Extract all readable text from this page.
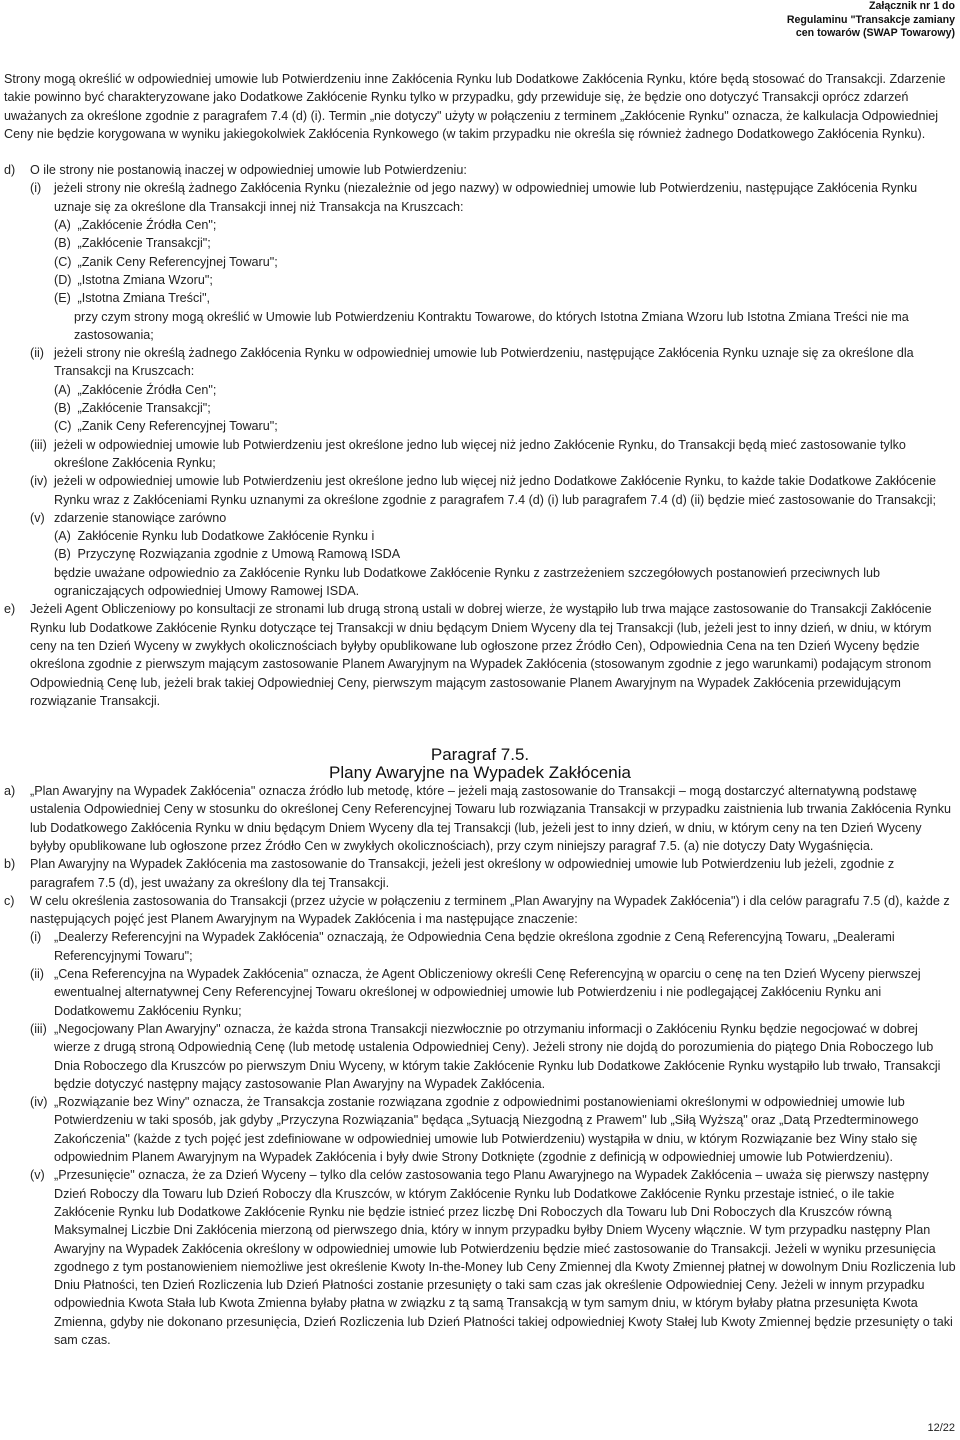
Załącznik nr 1 do
Regulaminu "Transakcje zamiany
cen towarów (SWAP Towarowy)

Strony mogą określić w odpowiedniej umowie lub Potwierdzeniu inne Zakłócenia Rynku lub Dodatkowe Zakłócenia Rynku, które będą stosować do Transakcji. Zdarzenie takie powinno być charakteryzowane jako Dodatkowe Zakłócenie Rynku tylko w przypadku, gdy przewiduje się, że będzie ono dotyczyć Transakcji oprócz zdarzeń uważanych za określone zgodnie z paragrafem 7.4 (d) (i). Termin „nie dotyczy" użyty w połączeniu z terminem „Zakłócenie Rynku" oznacza, że kalkulacja Odpowiedniej Ceny nie będzie korygowana w wyniku jakiegokolwiek Zakłócenia Rynkowego (w takim przypadku nie określa się również żadnego Dodatkowego Zakłócenia Rynku).

d)	O ile strony nie postanowią inaczej w odpowiedniej umowie lub Potwierdzeniu:
(i)	jeżeli strony nie określą żadnego Zakłócenia Rynku (niezależnie od jego nazwy) w odpowiedniej umowie lub Potwierdzeniu, następujące Zakłócenia Rynku uznaje się za określone dla Transakcji innej niż Transakcja na Kruszcach:
(A) „Zakłócenie Źródła Cen";
(B) „Zakłócenie Transakcji";
(C) „Zanik Ceny Referencyjnej Towaru";
(D) „Istotna Zmiana Wzoru";
(E) „Istotna Zmiana Treści",

przy czym strony mogą określić w Umowie lub Potwierdzeniu Kontraktu Towarowe, do których Istotna Zmiana Wzoru lub Istotna Zmiana Treści nie ma zastosowania;

(ii) jeżeli strony nie określą żadnego Zakłócenia Rynku w odpowiedniej umowie lub Potwierdzeniu, następujące Zakłócenia Rynku uznaje się za określone dla Transakcji na Kruszcach:
(A) „Zakłócenie Źródła Cen";
(B) „Zakłócenie Transakcji";
(C) „Zanik Ceny Referencyjnej Towaru";
(iii) jeżeli w odpowiedniej umowie lub Potwierdzeniu jest określone jedno lub więcej niż jedno Zakłócenie Rynku, do Transakcji będą mieć zastosowanie tylko określone Zakłócenia Rynku;
(iv) jeżeli w odpowiedniej umowie lub Potwierdzeniu jest określone jedno lub więcej niż jedno Dodatkowe Zakłócenie Rynku, to każde takie Dodatkowe Zakłócenie Rynku wraz z Zakłóceniami Rynku uznanymi za określone zgodnie z paragrafem 7.4 (d) (i) lub paragrafem 7.4 (d) (ii) będzie mieć zastosowanie do Transakcji;
(v) zdarzenie stanowiące zarówno
(A) Zakłócenie Rynku lub Dodatkowe Zakłócenie Rynku i
(B) Przyczynę Rozwiązania zgodnie z Umową Ramową ISDA

będzie uważane odpowiednio za Zakłócenie Rynku lub Dodatkowe Zakłócenie Rynku z zastrzeżeniem szczegółowych postanowień przeciwnych lub ograniczających odpowiedniej Umowy Ramowej ISDA.

e)	Jeżeli Agent Obliczeniowy po konsultacji ze stronami lub drugą stroną ustali w dobrej wierze, że wystąpiło lub trwa mające zastosowanie do Transakcji Zakłócenie Rynku lub Dodatkowe Zakłócenie Rynku dotyczące tej Transakcji w dniu będącym Dniem Wyceny dla tej Transakcji (lub, jeżeli jest to inny dzień, w dniu, w którym ceny na ten Dzień Wyceny w zwykłych okolicznościach byłyby opublikowane lub ogłoszone przez Źródło Cen), Odpowiednia Cena na ten Dzień Wyceny będzie określona zgodnie z pierwszym mającym zastosowanie Planem Awaryjnym na Wypadek Zakłócenia (stosowanym zgodnie z jego warunkami) podającym stronom Odpowiednią Cenę lub, jeżeli brak takiej Odpowiedniej Ceny, pierwszym mającym zastosowanie Planem Awaryjnym na Wypadek Zakłócenia przewidującym rozwiązanie Transakcji.
Paragraf 7.5.
Plany Awaryjne na Wypadek Zakłócenia
a)	„Plan Awaryjny na Wypadek Zakłócenia" oznacza źródło lub metodę, które – jeżeli mają zastosowanie do Transakcji – mogą dostarczyć alternatywną podstawę ustalenia Odpowiedniej Ceny w stosunku do określonej Ceny Referencyjnej Towaru lub rozwiązania Transakcji w przypadku zaistnienia lub trwania Zakłócenia Rynku lub Dodatkowego Zakłócenia Rynku w dniu będącym Dniem Wyceny dla tej Transakcji (lub, jeżeli jest to inny dzień, w dniu, w którym ceny na ten Dzień Wyceny byłyby opublikowane lub ogłoszone przez Źródło Cen w zwykłych okolicznościach), przy czym niniejszy paragraf 7.5. (a) nie dotyczy Daty Wygaśnięcia.
b)	Plan Awaryjny na Wypadek Zakłócenia ma zastosowanie do Transakcji, jeżeli jest określony w odpowiedniej umowie lub Potwierdzeniu lub jeżeli, zgodnie z paragrafem 7.5 (d), jest uważany za określony dla tej Transakcji.
c)	W celu określenia zastosowania do Transakcji (przez użycie w połączeniu z terminem „Plan Awaryjny na Wypadek Zakłócenia") i dla celów paragrafu 7.5 (d), każde z następujących pojęć jest Planem Awaryjnym na Wypadek Zakłócenia i ma następujące znaczenie:
(i)	„Dealerzy Referencyjni na Wypadek Zakłócenia" oznaczają, że Odpowiednia Cena będzie określona zgodnie z Ceną Referencyjną Towaru, „Dealerami Referencyjnymi Towaru";
(ii) „Cena Referencyjna na Wypadek Zakłócenia" oznacza, że Agent Obliczeniowy określi Cenę Referencyjną w oparciu o cenę na ten Dzień Wyceny pierwszej ewentualnej alternatywnej Ceny Referencyjnej Towaru określonej w odpowiedniej umowie lub Potwierdzeniu i nie podlegającej Zakłóceniu Rynku ani Dodatkowemu Zakłóceniu Rynku;
(iii) „Negocjowany Plan Awaryjny" oznacza, że każda strona Transakcji niezwłocznie po otrzymaniu informacji o Zakłóceniu Rynku będzie negocjować w dobrej wierze z drugą stroną Odpowiednią Cenę (lub metodę ustalenia Odpowiedniej Ceny). Jeżeli strony nie dojdą do porozumienia do piątego Dnia Roboczego lub Dnia Roboczego dla Kruszców po pierwszym Dniu Wyceny, w którym takie Zakłócenie Rynku lub Dodatkowe Zakłócenie Rynku wystąpiło lub trwało, Transakcji będzie dotyczyć następny mający zastosowanie Plan Awaryjny na Wypadek Zakłócenia.
(iv) „Rozwiązanie bez Winy" oznacza, że Transakcja zostanie rozwiązana zgodnie z odpowiednimi postanowieniami określonymi w odpowiedniej umowie lub Potwierdzeniu w taki sposób, jak gdyby „Przyczyna Rozwiązania" będąca „Sytuacją Niezgodną z Prawem" lub „Siłą Wyższą" oraz „Datą Przedterminowego Zakończenia" (każde z tych pojęć jest zdefiniowane w odpowiedniej umowie lub Potwierdzeniu) wystąpiła w dniu, w którym Rozwiązanie bez Winy stało się odpowiednim Planem Awaryjnym na Wypadek Zakłócenia i były dwie Strony Dotknięte (zgodnie z definicją w odpowiedniej umowie lub Potwierdzeniu).
(v) „Przesunięcie" oznacza, że za Dzień Wyceny – tylko dla celów zastosowania tego Planu Awaryjnego na Wypadek Zakłócenia – uważa się pierwszy następny Dzień Roboczy dla Towaru lub Dzień Roboczy dla Kruszców, w którym Zakłócenie Rynku lub Dodatkowe Zakłócenie Rynku przestaje istnieć, o ile takie Zakłócenie Rynku lub Dodatkowe Zakłócenie Rynku nie będzie istnieć przez liczbę Dni Roboczych dla Towaru lub Dni Roboczych dla Kruszców równą Maksymalnej Liczbie Dni Zakłócenia mierzoną od pierwszego dnia, który w innym przypadku byłby Dniem Wyceny włącznie. W tym przypadku następny Plan Awaryjny na Wypadek Zakłócenia określony w odpowiedniej umowie lub Potwierdzeniu będzie mieć zastosowanie do Transakcji. Jeżeli w wyniku przesunięcia zgodnego z tym postanowieniem niemożliwe jest określenie Kwoty In-the-Money lub Ceny Zmiennej dla Kwoty Zmiennej płatnej w dowolnym Dniu Rozliczenia lub Dniu Płatności, ten Dzień Rozliczenia lub Dzień Płatności zostanie przesunięty o taki sam czas jak określenie Odpowiedniej Ceny. Jeżeli w innym przypadku odpowiednia Kwota Stała lub Kwota Zmienna byłaby płatna w związku z tą samą Transakcją w tym samym dniu, w którym byłaby płatna przesunięta Kwota Zmienna, gdyby nie dokonano przesunięcia, Dzień Rozliczenia lub Dzień Płatności takiej odpowiedniej Kwoty Stałej lub Kwoty Zmiennej będzie przesunięty o taki sam czas.
12/22
